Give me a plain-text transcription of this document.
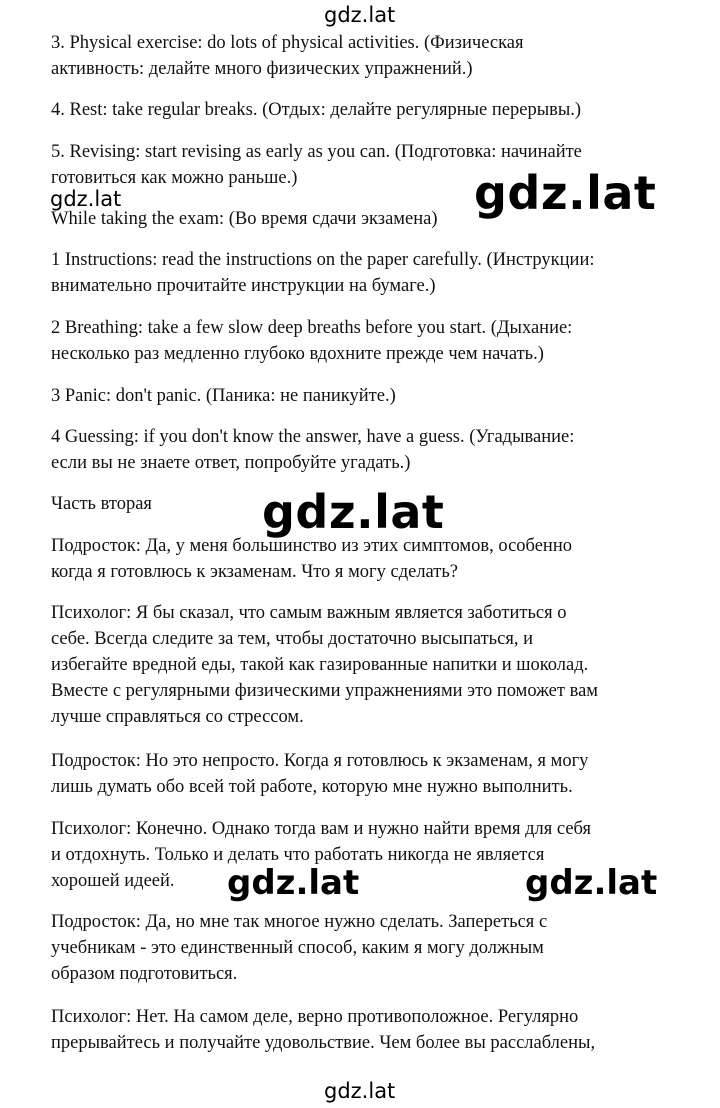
gdz.lat
gdz.lat	gdz.lat
gdz.lat
gdz.lat	gdz.lat
gdz.lat
3. Physical exercise: do lots of physical activities. (Физическая
активность: делайте много физических упражнений.)
4. Rest: take regular breaks. (Отдых: делайте регулярные перерывы.)
5. Revising: start revising as early as you can. (Подготовка: начинайте
готовиться как можно раньше.)
While taking the exam: (Во время сдачи экзамена)
1 Instructions: read the instructions on the paper carefully. (Инструкции:
внимательно прочитайте инструкции на бумаге.)
2 Breathing: take a few slow deep breaths before you start. (Дыхание:
несколько раз медленно глубоко вдохните прежде чем начать.)
3 Panic: don't panic. (Паника: не паникуйте.)
4 Guessing: if you don't know the answer, have a guess. (Угадывание:
если вы не знаете ответ, попробуйте угадать.)
Часть вторая
Подросток: Да, у меня большинство из этих симптомов, особенно
когда я готовлюсь к экзаменам. Что я могу сделать?
Психолог: Я бы сказал, что самым важным является заботиться о
себе. Всегда следите за тем, чтобы достаточно высыпаться, и
избегайте вредной еды, такой как газированные напитки и шоколад.
Вместе с регулярными физическими упражнениями это поможет вам
лучше справляться со стрессом.
Подросток: Но это непросто. Когда я готовлюсь к экзаменам, я могу
лишь думать обо всей той работе, которую мне нужно выполнить.
Психолог: Конечно. Однако тогда вам и нужно найти время для себя
и отдохнуть. Только и делать что работать никогда не является
хорошей идеей.
Подросток: Да, но мне так многое нужно сделать. Запереться с
учебникам - это единственный способ, каким я могу должным
образом подготовиться.
Психолог: Нет. На самом деле, верно противоположное. Регулярно
прерывайтесь и получайте удовольствие. Чем более вы расслаблены,
